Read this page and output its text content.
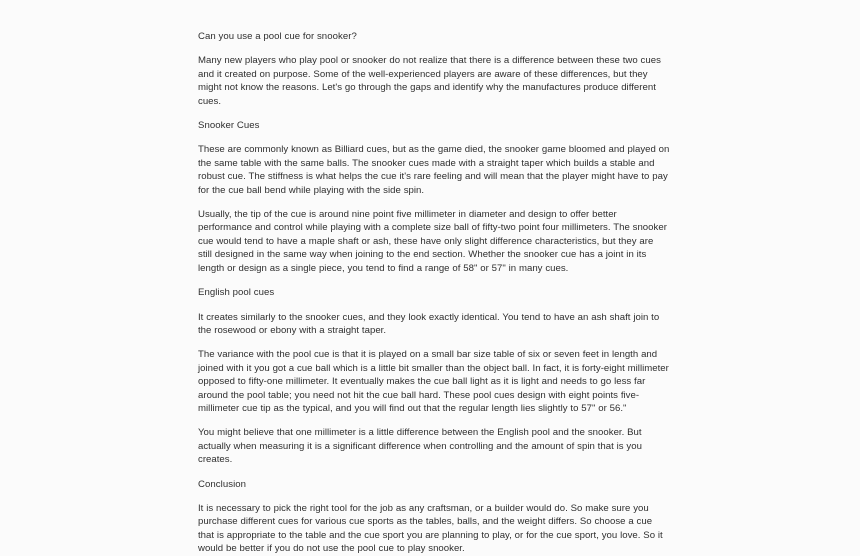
Can you use a pool cue for snooker?

Many new players who play pool or snooker do not realize that there is a difference between these two cues and it created on purpose. Some of the well-experienced players are aware of these differences, but they might not know the reasons. Let's go through the gaps and identify why the manufactures produce different cues.

Snooker Cues

These are commonly known as Billiard cues, but as the game died, the snooker game bloomed and played on the same table with the same balls. The snooker cues made with a straight taper which builds a stable and robust cue. The stiffness is what helps the cue it's rare feeling and will mean that the player might have to pay for the cue ball bend while playing with the side spin.

Usually, the tip of the cue is around nine point five millimeter in diameter and design to offer better performance and control while playing with a complete size ball of fifty-two point four millimeters. The snooker cue would tend to have a maple shaft or ash, these have only slight difference characteristics, but they are still designed in the same way when joining to the end section. Whether the snooker cue has a joint in its length or design as a single piece, you tend to find a range of 58" or 57" in many cues.

English pool cues

It creates similarly to the snooker cues, and they look exactly identical. You tend to have an ash shaft join to the rosewood or ebony with a straight taper.

The variance with the pool cue is that it is played on a small bar size table of six or seven feet in length and joined with it you got a cue ball which is a little bit smaller than the object ball. In fact, it is forty-eight millimeter opposed to fifty-one millimeter. It eventually makes the cue ball light as it is light and needs to go less far around the pool table; you need not hit the cue ball hard. These pool cues design with eight points five-millimeter cue tip as the typical, and you will find out that the regular length lies slightly to 57" or 56."

You might believe that one millimeter is a little difference between the English pool and the snooker. But actually when measuring it is a significant difference when controlling and the amount of spin that is you creates.

Conclusion

It is necessary to pick the right tool for the job as any craftsman, or a builder would do. So make sure you purchase different cues for various cue sports as the tables, balls, and the weight differs. So choose a cue that is appropriate to the table and the cue sport you are planning to play, or for the cue sport, you love. So it would be better if you do not use the pool cue to play snooker.
